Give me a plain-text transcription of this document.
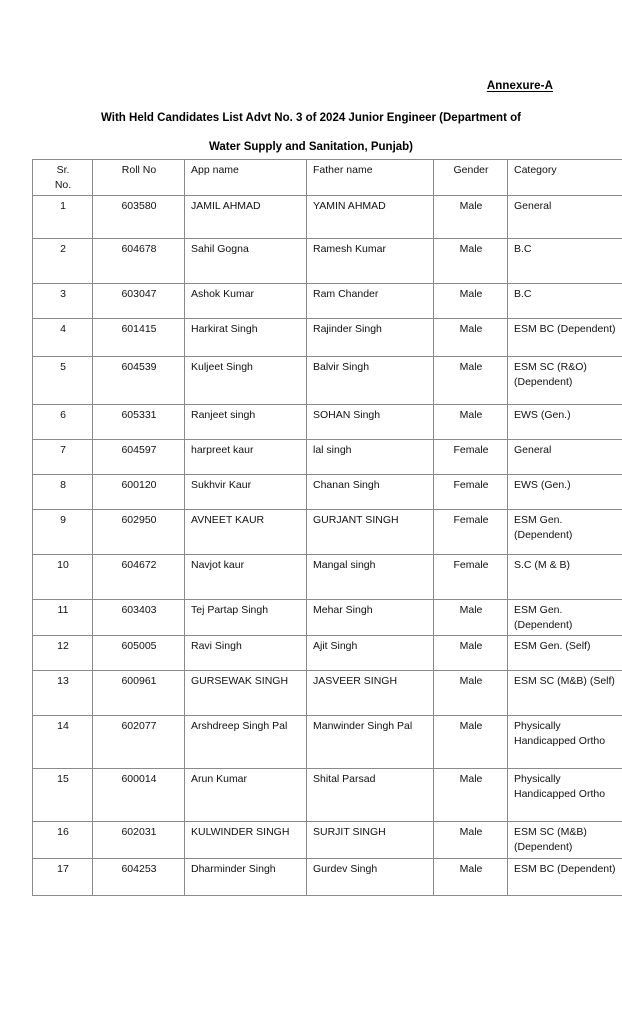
Annexure-A
With Held Candidates List Advt No. 3 of 2024 Junior Engineer (Department of
Water Supply and Sanitation, Punjab)
Sr.
No.	Roll No	App name	Father name	Gender	Category
1	603580	JAMIL AHMAD	YAMIN AHMAD	Male	General
2	604678	Sahil Gogna	Ramesh Kumar	Male	B.C
3	603047	Ashok Kumar	Ram Chander	Male	B.C
4	601415	Harkirat Singh	Rajinder Singh	Male	ESM BC (Dependent)
5	604539	Kuljeet Singh	Balvir Singh	Male	ESM SC (R&O) (Dependent)
6	605331	Ranjeet singh	SOHAN Singh	Male	EWS (Gen.)
7	604597	harpreet kaur	lal singh	Female	General
8	600120	Sukhvir Kaur	Chanan Singh	Female	EWS (Gen.)
9	602950	AVNEET KAUR	GURJANT SINGH	Female	ESM Gen. (Dependent)
10	604672	Navjot kaur	Mangal singh	Female	S.C (M & B)
11	603403	Tej Partap Singh	Mehar Singh	Male	ESM Gen. (Dependent)
12	605005	Ravi Singh	Ajit Singh	Male	ESM Gen. (Self)
13	600961	GURSEWAK SINGH	JASVEER SINGH	Male	ESM SC (M&B) (Self)
14	602077	Arshdreep Singh Pal	Manwinder Singh Pal	Male	Physically Handicapped Ortho
15	600014	Arun Kumar	Shital Parsad	Male	Physically Handicapped Ortho
16	602031	KULWINDER SINGH	SURJIT SINGH	Male	ESM SC (M&B) (Dependent)
17	604253	Dharminder Singh	Gurdev Singh	Male	ESM BC (Dependent)
